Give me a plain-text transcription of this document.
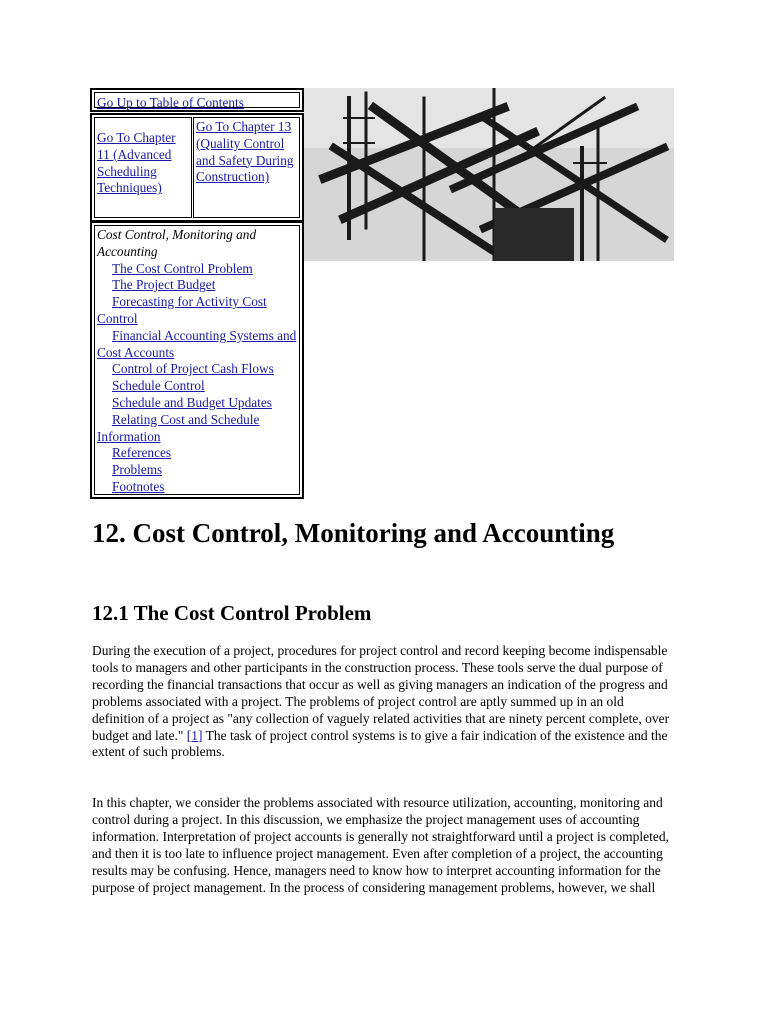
Go Up to Table of Contents
Go To Chapter 11 (Advanced Scheduling Techniques)
Go To Chapter 13 (Quality Control and Safety During Construction)
Cost Control, Monitoring and Accounting
The Cost Control Problem
The Project Budget
Forecasting for Activity Cost Control
Financial Accounting Systems and Cost Accounts
Control of Project Cash Flows
Schedule Control
Schedule and Budget Updates
Relating Cost and Schedule Information
References
Problems
Footnotes
12. Cost Control, Monitoring and Accounting
12.1 The Cost Control Problem

During the execution of a project, procedures for project control and record keeping become indispensable tools to managers and other participants in the construction process. These tools serve the dual purpose of recording the financial transactions that occur as well as giving managers an indication of the progress and problems associated with a project. The problems of project control are aptly summed up in an old definition of a project as "any collection of vaguely related activities that are ninety percent complete, over budget and late." [1] The task of project control systems is to give a fair indication of the existence and the extent of such problems.

In this chapter, we consider the problems associated with resource utilization, accounting, monitoring and control during a project. In this discussion, we emphasize the project management uses of accounting information. Interpretation of project accounts is generally not straightforward until a project is completed, and then it is too late to influence project management. Even after completion of a project, the accounting results may be confusing. Hence, managers need to know how to interpret accounting information for the purpose of project management. In the process of considering management problems, however, we shall
